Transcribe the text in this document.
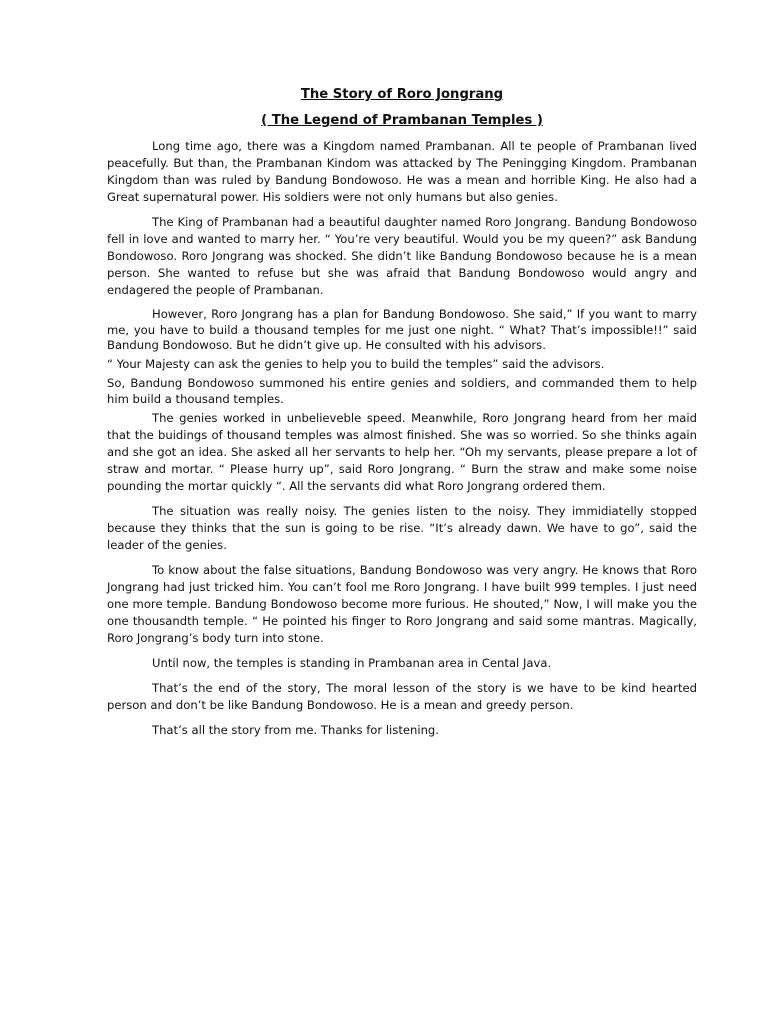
The Story of Roro Jongrang

( The Legend of Prambanan Temples )

Long time ago, there was a Kingdom named Prambanan. All te people of Prambanan lived peacefully. But than, the Prambanan Kindom was attacked by The Peningging Kingdom. Prambanan Kingdom than was ruled by Bandung Bondowoso. He was a mean and horrible King. He also had a Great supernatural power. His soldiers were not only humans but also genies.

The King of Prambanan had a beautiful daughter named Roro Jongrang. Bandung Bondowoso fell in love and wanted to marry her. “ You’re very beautiful. Would you be my queen?” ask Bandung Bondowoso. Roro Jongrang was shocked. She didn’t like Bandung Bondowoso because he is a mean person. She wanted to refuse but she was afraid that Bandung Bondowoso would angry and endagered the people of Prambanan.

However, Roro Jongrang has a plan for Bandung Bondowoso. She said,” If you want to marry me, you have to build a thousand temples for me just one night. “ What? That’s impossible!!” said Bandung Bondowoso. But he didn’t give up. He consulted with his advisors.

“ Your Majesty can ask the genies to help you to build the temples” said the advisors.

So, Bandung Bondowoso summoned his entire genies and soldiers, and commanded them to help him build a thousand temples.

The genies worked in unbelieveble speed. Meanwhile, Roro Jongrang heard from her maid that the buidings of thousand temples was almost finished. She was so worried. So she thinks again and she got an idea. She asked all her servants to help her. “Oh my servants, please prepare a lot of straw and mortar. “ Please hurry up”, said Roro Jongrang. “ Burn the straw and make some noise pounding the mortar quickly “. All the servants did what Roro Jongrang ordered them.

The situation was really noisy. The genies listen to the noisy. They immidiatelly stopped because they thinks that the sun is going to be rise. “It’s already dawn. We have to go”, said the leader of the genies.

To know about the false situations, Bandung Bondowoso was very angry. He knows that Roro Jongrang had just tricked him. You can’t fool me Roro Jongrang. I have built 999 temples. I just need one more temple. Bandung Bondowoso become more furious. He shouted,” Now, I will make you the one thousandth temple. “ He pointed his finger to Roro Jongrang and said some mantras. Magically, Roro Jongrang’s body turn into stone.

Until now, the temples is standing in Prambanan area in Cental Java.

That’s the end of the story, The moral lesson of the story is we have to be kind hearted person and don’t be like Bandung Bondowoso. He is a mean and greedy person.

That’s all the story from me. Thanks for listening.
